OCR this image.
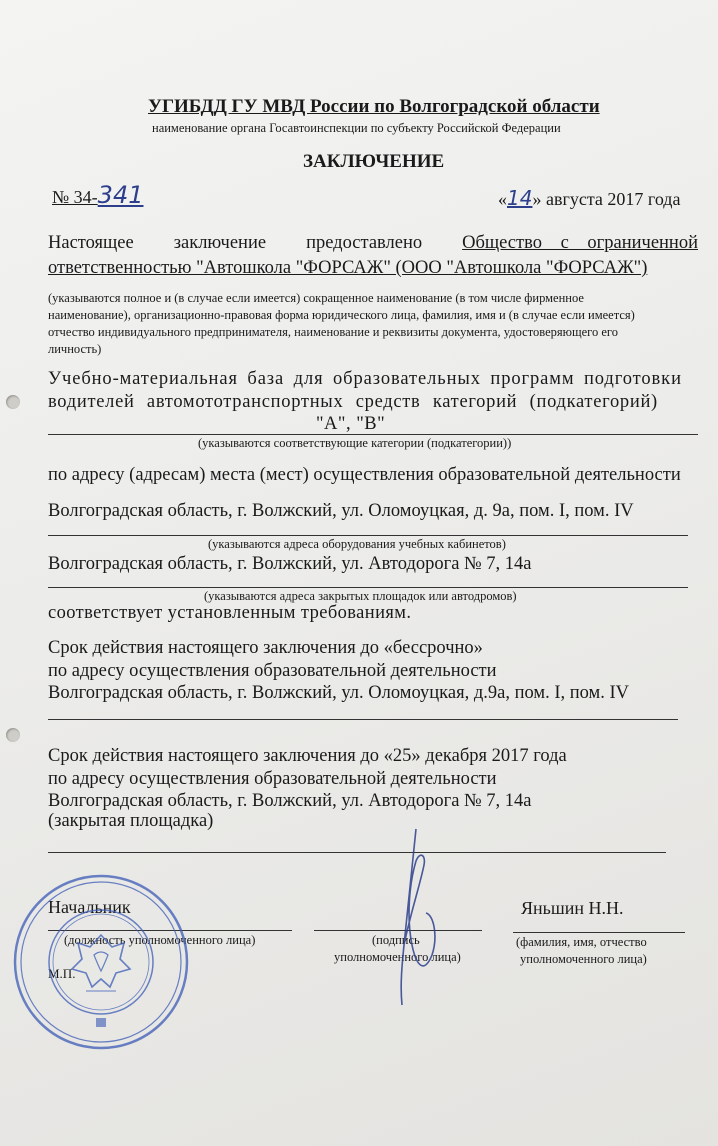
УГИБДД ГУ МВД России по Волгоградской области
наименование органа Госавтоинспекции по субъекту Российской Федерации
ЗАКЛЮЧЕНИЕ
№ 34-341	«14» августа 2017 года
Настоящее заключение предоставлено Общество с ограниченной
ответственностью "Автошкола "ФОРСАЖ" (ООО "Автошкола "ФОРСАЖ")
(указываются полное и (в случае если имеется) сокращенное наименование (в том числе фирменное
наименование), организационно-правовая форма юридического лица, фамилия, имя и (в случае если имеется)
отчество индивидуального предпринимателя, наименование и реквизиты документа, удостоверяющего его
личность)
Учебно-материальная база для образовательных программ подготовки
водителей автомототранспортных средств категорий (подкатегорий)
"А", "В"
(указываются соответствующие категории (подкатегории))
по адресу (адресам) места (мест) осуществления образовательной деятельности
Волгоградская область, г. Волжский, ул. Оломоуцкая, д. 9а, пом. I, пом. IV
(указываются адреса оборудования учебных кабинетов)
Волгоградская область, г. Волжский, ул. Автодорога № 7, 14а
(указываются адреса закрытых площадок или автодромов)
соответствует установленным требованиям.
Срок действия настоящего заключения до «бессрочно»
по адресу осуществления образовательной деятельности
Волгоградская область, г. Волжский, ул. Оломоуцкая, д.9а, пом. I, пом. IV
Срок действия настоящего заключения до «25» декабря 2017 года
по адресу осуществления образовательной деятельности
Волгоградская область, г. Волжский, ул. Автодорога № 7, 14а
(закрытая площадка)
Начальник
(должность уполномоченного лица)
М.П.
(подпись
уполномоченного лица)
Яньшин Н.Н.
(фамилия, имя, отчество
уполномоченного лица)
